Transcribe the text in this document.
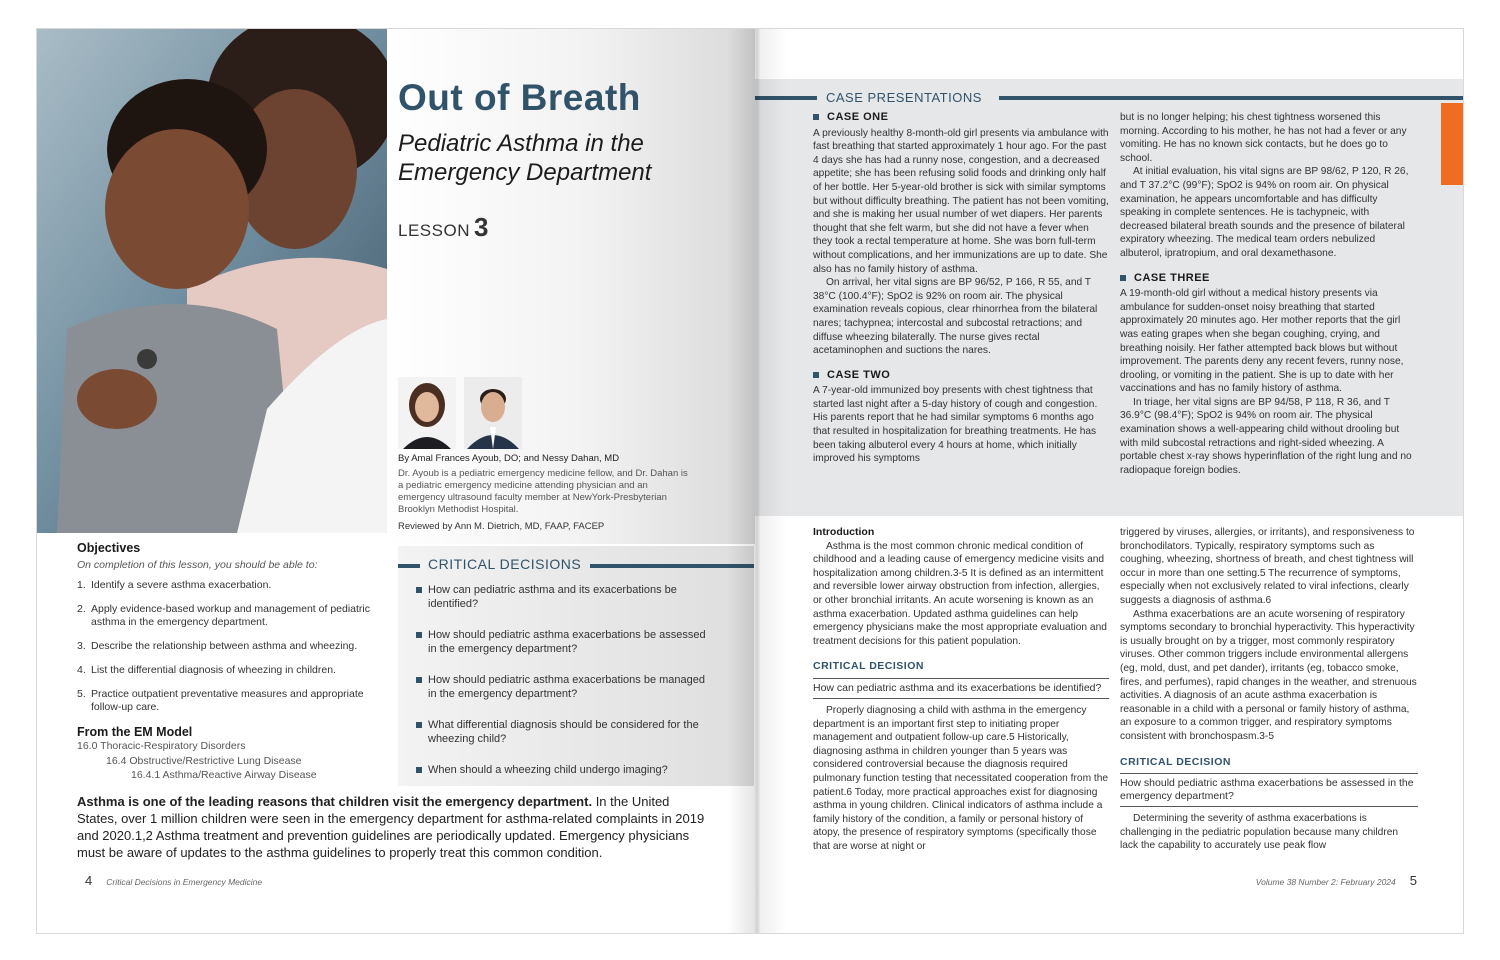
Out of Breath
Pediatric Asthma in the Emergency Department
LESSON 3
By Amal Frances Ayoub, DO; and Nessy Dahan, MD
Dr. Ayoub is a pediatric emergency medicine fellow, and Dr. Dahan is a pediatric emergency medicine attending physician and an emergency ultrasound faculty member at NewYork-Presbyterian Brooklyn Methodist Hospital.
Reviewed by Ann M. Dietrich, MD, FAAP, FACEP
CRITICAL DECISIONS
How can pediatric asthma and its exacerbations be identified?
How should pediatric asthma exacerbations be assessed in the emergency department?
How should pediatric asthma exacerbations be managed in the emergency department?
What differential diagnosis should be considered for the wheezing child?
When should a wheezing child undergo imaging?
Objectives
On completion of this lesson, you should be able to:
1. Identify a severe asthma exacerbation.
2. Apply evidence-based workup and management of pediatric asthma in the emergency department.
3. Describe the relationship between asthma and wheezing.
4. List the differential diagnosis of wheezing in children.
5. Practice outpatient preventative measures and appropriate follow-up care.
From the EM Model
16.0 Thoracic-Respiratory Disorders
16.4 Obstructive/Restrictive Lung Disease
16.4.1 Asthma/Reactive Airway Disease
Asthma is one of the leading reasons that children visit the emergency department. In the United States, over 1 million children were seen in the emergency department for asthma-related complaints in 2019 and 2020.1,2 Asthma treatment and prevention guidelines are periodically updated. Emergency physicians must be aware of updates to the asthma guidelines to properly treat this common condition.
4 Critical Decisions in Emergency Medicine
CASE PRESENTATIONS
CASE ONE

A previously healthy 8-month-old girl presents via ambulance with fast breathing that started approximately 1 hour ago. For the past 4 days she has had a runny nose, congestion, and a decreased appetite; she has been refusing solid foods and drinking only half of her bottle. Her 5-year-old brother is sick with similar symptoms but without difficulty breathing. The patient has not been vomiting, and she is making her usual number of wet diapers. Her parents thought that she felt warm, but she did not have a fever when they took a rectal temperature at home. She was born full-term without complications, and her immunizations are up to date. She also has no family history of asthma.

On arrival, her vital signs are BP 96/52, P 166, R 55, and T 38°C (100.4°F); SpO2 is 92% on room air. The physical examination reveals copious, clear rhinorrhea from the bilateral nares; tachypnea; intercostal and subcostal retractions; and diffuse wheezing bilaterally. The nurse gives rectal acetaminophen and suctions the nares.

CASE TWO

A 7-year-old immunized boy presents with chest tightness that started last night after a 5-day history of cough and congestion. His parents report that he had similar symptoms 6 months ago that resulted in hospitalization for breathing treatments. He has been taking albuterol every 4 hours at home, which initially improved his symptoms

but is no longer helping; his chest tightness worsened this morning. According to his mother, he has not had a fever or any vomiting. He has no known sick contacts, but he does go to school.

At initial evaluation, his vital signs are BP 98/62, P 120, R 26, and T 37.2°C (99°F); SpO2 is 94% on room air. On physical examination, he appears uncomfortable and has difficulty speaking in complete sentences. He is tachypneic, with decreased bilateral breath sounds and the presence of bilateral expiratory wheezing. The medical team orders nebulized albuterol, ipratropium, and oral dexamethasone.

CASE THREE

A 19-month-old girl without a medical history presents via ambulance for sudden-onset noisy breathing that started approximately 20 minutes ago. Her mother reports that the girl was eating grapes when she began coughing, crying, and breathing noisily. Her father attempted back blows but without improvement. The parents deny any recent fevers, runny nose, drooling, or vomiting in the patient. She is up to date with her vaccinations and has no family history of asthma.

In triage, her vital signs are BP 94/58, P 118, R 36, and T 36.9°C (98.4°F); SpO2 is 94% on room air. The physical examination shows a well-appearing child without drooling but with mild subcostal retractions and right-sided wheezing. A portable chest x-ray shows hyperinflation of the right lung and no radiopaque foreign bodies.

Introduction

Asthma is the most common chronic medical condition of childhood and a leading cause of emergency medicine visits and hospitalization among children.3-5 It is defined as an intermittent and reversible lower airway obstruction from infection, allergies, or other bronchial irritants. An acute worsening is known as an asthma exacerbation. Updated asthma guidelines can help emergency physicians make the most appropriate evaluation and treatment decisions for this patient population.

CRITICAL DECISION
How can pediatric asthma and its exacerbations be identified?

Properly diagnosing a child with asthma in the emergency department is an important first step to initiating proper management and outpatient follow-up care.5 Historically, diagnosing asthma in children younger than 5 years was considered controversial because the diagnosis required pulmonary function testing that necessitated cooperation from the patient.6 Today, more practical approaches exist for diagnosing asthma in young children. Clinical indicators of asthma include a family history of the condition, a family or personal history of atopy, the presence of respiratory symptoms (specifically those that are worse at night or

triggered by viruses, allergies, or irritants), and responsiveness to bronchodilators. Typically, respiratory symptoms such as coughing, wheezing, shortness of breath, and chest tightness will occur in more than one setting.5 The recurrence of symptoms, especially when not exclusively related to viral infections, clearly suggests a diagnosis of asthma.6

Asthma exacerbations are an acute worsening of respiratory symptoms secondary to bronchial hyperactivity. This hyperactivity is usually brought on by a trigger, most commonly respiratory viruses. Other common triggers include environmental allergens (eg, mold, dust, and pet dander), irritants (eg, tobacco smoke, fires, and perfumes), rapid changes in the weather, and strenuous activities. A diagnosis of an acute asthma exacerbation is reasonable in a child with a personal or family history of asthma, an exposure to a common trigger, and respiratory symptoms consistent with bronchospasm.3-5

CRITICAL DECISION
How should pediatric asthma exacerbations be assessed in the emergency department?

Determining the severity of asthma exacerbations is challenging in the pediatric population because many children lack the capability to accurately use peak flow

Volume 38 Number 2: February 2024 5
